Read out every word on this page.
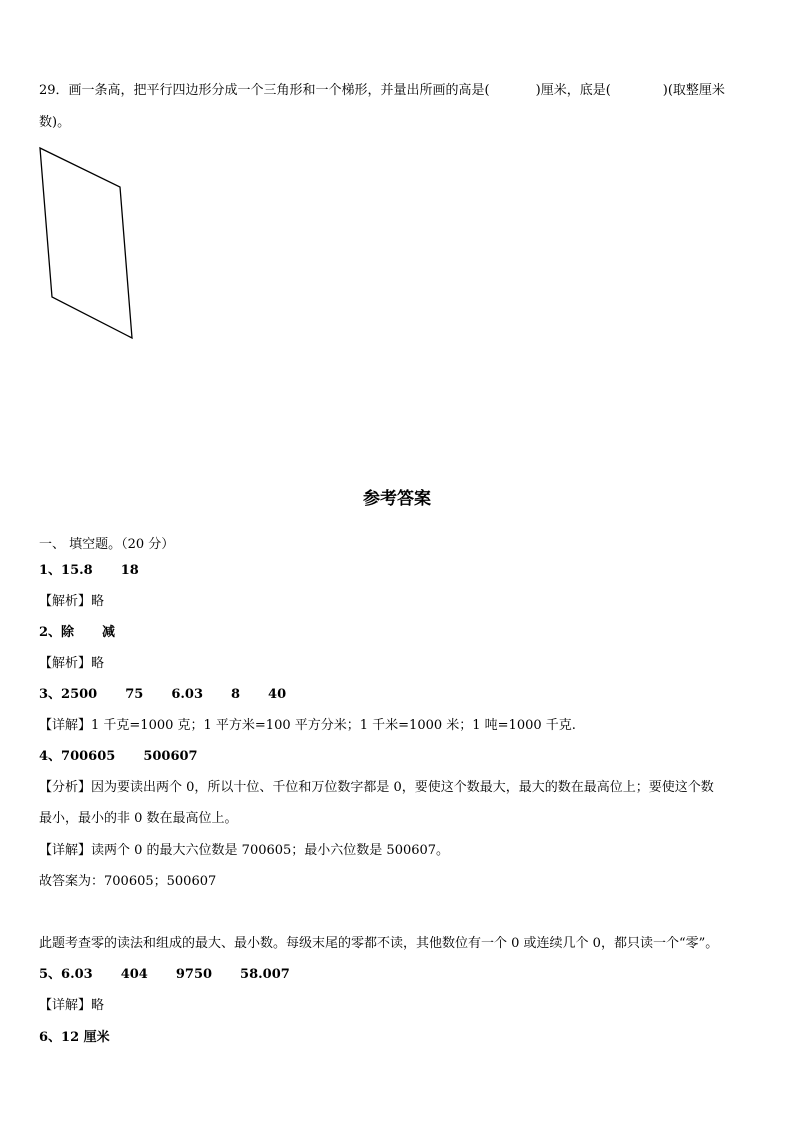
29．画一条高，把平行四边形分成一个三角形和一个梯形，并量出所画的高是(	)厘米，底是(	)(取整厘米
数)。
参考答案
一、 填空题。（20 分）
1、15.8 18
【解析】略
2、除 减
【解析】略
3、2500 75 6.03 8 40
【详解】1 千克=1000 克；1 平方米=100 平方分米；1 千米=1000 米；1 吨=1000 千克.
4、700605 500607
【分析】因为要读出两个 0，所以十位、千位和万位数字都是 0，要使这个数最大，最大的数在最高位上；要使这个数
最小，最小的非 0 数在最高位上。
【详解】读两个 0 的最大六位数是 700605；最小六位数是 500607。
故答案为：700605；500607
此题考查零的读法和组成的最大、最小数。每级末尾的零都不读，其他数位有一个 0 或连续几个 0，都只读一个“零”。
5、6.03 404 9750 58.007
【详解】略
6、12 厘米
